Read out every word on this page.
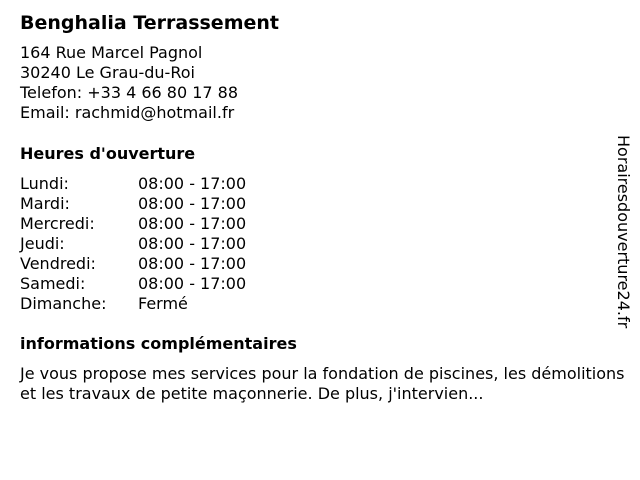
Benghalia Terrassement
164 Rue Marcel Pagnol
30240 Le Grau-du-Roi
Telefon: +33 4 66 80 17 88
Email: rachmid@hotmail.fr
Heures d'ouverture
Lundi:	08:00 - 17:00
Mardi:	08:00 - 17:00
Mercredi:	08:00 - 17:00
Jeudi:	08:00 - 17:00
Vendredi:	08:00 - 17:00
Samedi:	08:00 - 17:00
Dimanche:	Fermé
informations complémentaires
Je vous propose mes services pour la fondation de piscines, les démolitions et les travaux de petite maçonnerie. De plus, j'intervien...
Horairesdouverture24.fr
